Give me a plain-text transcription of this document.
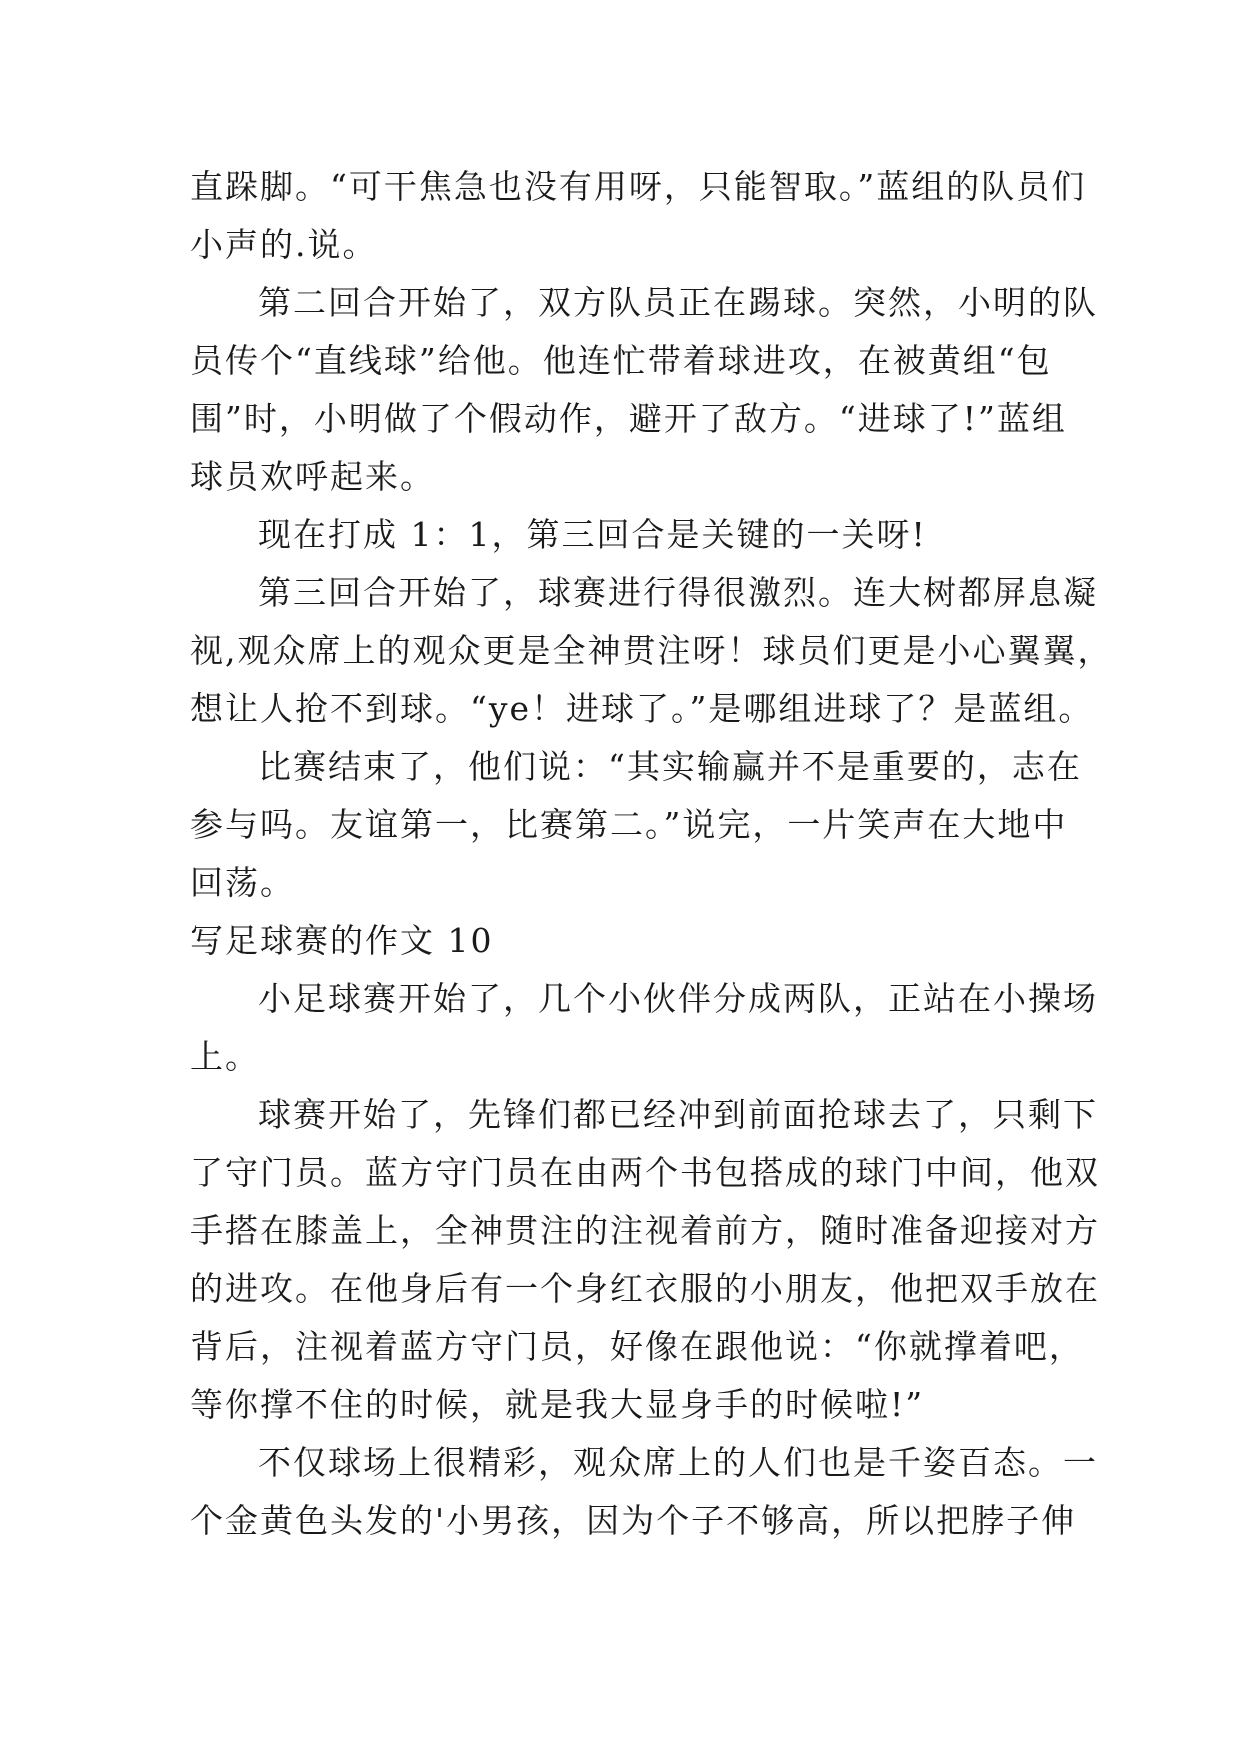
直跺脚。“可干焦急也没有用呀，只能智取。”蓝组的队员们
小声的.说。
第二回合开始了，双方队员正在踢球。突然，小明的队
员传个“直线球”给他。他连忙带着球进攻，在被黄组“包
围”时，小明做了个假动作，避开了敌方。“进球了!”蓝组
球员欢呼起来。
现在打成 1：1，第三回合是关键的一关呀!
第三回合开始了，球赛进行得很激烈。连大树都屏息凝
视,观众席上的观众更是全神贯注呀！球员们更是小心翼翼，
想让人抢不到球。“ye！进球了。”是哪组进球了？是蓝组。
比赛结束了，他们说：“其实输赢并不是重要的，志在
参与吗。友谊第一，比赛第二。”说完，一片笑声在大地中
回荡。
写足球赛的作文 10
小足球赛开始了，几个小伙伴分成两队，正站在小操场
上。
球赛开始了，先锋们都已经冲到前面抢球去了，只剩下
了守门员。蓝方守门员在由两个书包搭成的球门中间，他双
手搭在膝盖上，全神贯注的注视着前方，随时准备迎接对方
的进攻。在他身后有一个身红衣服的小朋友，他把双手放在
背后，注视着蓝方守门员，好像在跟他说：“你就撑着吧，
等你撑不住的时候，就是我大显身手的时候啦!”
不仅球场上很精彩，观众席上的人们也是千姿百态。一
个金黄色头发的'小男孩，因为个子不够高，所以把脖子伸
